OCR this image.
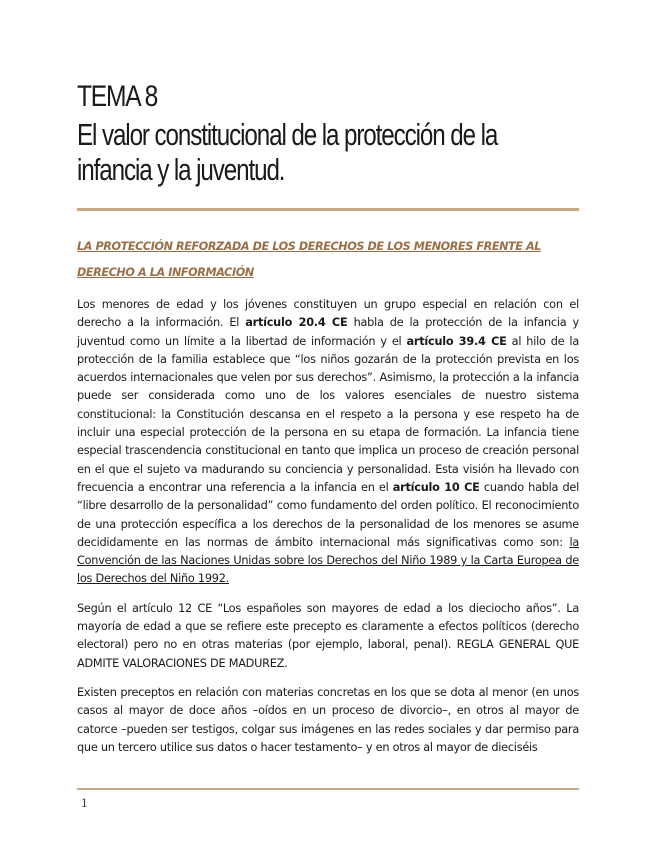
TEMA 8
El valor constitucional de la protección de la
infancia y la juventud.
LA PROTECCIÓN REFORZADA DE LOS DERECHOS DE LOS MENORES FRENTE AL
DERECHO A LA INFORMACIÓN

Los menores de edad y los jóvenes constituyen un grupo especial en relación con el derecho a la información. El artículo 20.4 CE habla de la protección de la infancia y juventud como un límite a la libertad de información y el artículo 39.4 CE al hilo de la protección de la familia establece que “los niños gozarán de la protección prevista en los acuerdos internacionales que velen por sus derechos”. Asimismo, la protección a la infancia puede ser considerada como uno de los valores esenciales de nuestro sistema constitucional: la Constitución descansa en el respeto a la persona y ese respeto ha de incluir una especial protección de la persona en su etapa de formación. La infancia tiene especial trascendencia constitucional en tanto que implica un proceso de creación personal en el que el sujeto va madurando su conciencia y personalidad. Esta visión ha llevado con frecuencia a encontrar una referencia a la infancia en el artículo 10 CE cuando habla del “libre desarrollo de la personalidad” como fundamento del orden político. El reconocimiento de una protección específica a los derechos de la personalidad de los menores se asume decididamente en las normas de ámbito internacional más significativas como son: la Convención de las Naciones Unidas sobre los Derechos del Niño 1989 y la Carta Europea de los Derechos del Niño 1992.

Según el artículo 12 CE “Los españoles son mayores de edad a los dieciocho años”. La mayoría de edad a que se refiere este precepto es claramente a efectos políticos (derecho electoral) pero no en otras materias (por ejemplo, laboral, penal). REGLA GENERAL QUE ADMITE VALORACIONES DE MADUREZ.

Existen preceptos en relación con materias concretas en los que se dota al menor (en unos casos al mayor de doce años –oídos en un proceso de divorcio–, en otros al mayor de catorce –pueden ser testigos, colgar sus imágenes en las redes sociales y dar permiso para que un tercero utilice sus datos o hacer testamento– y en otros al mayor de dieciséis

1
